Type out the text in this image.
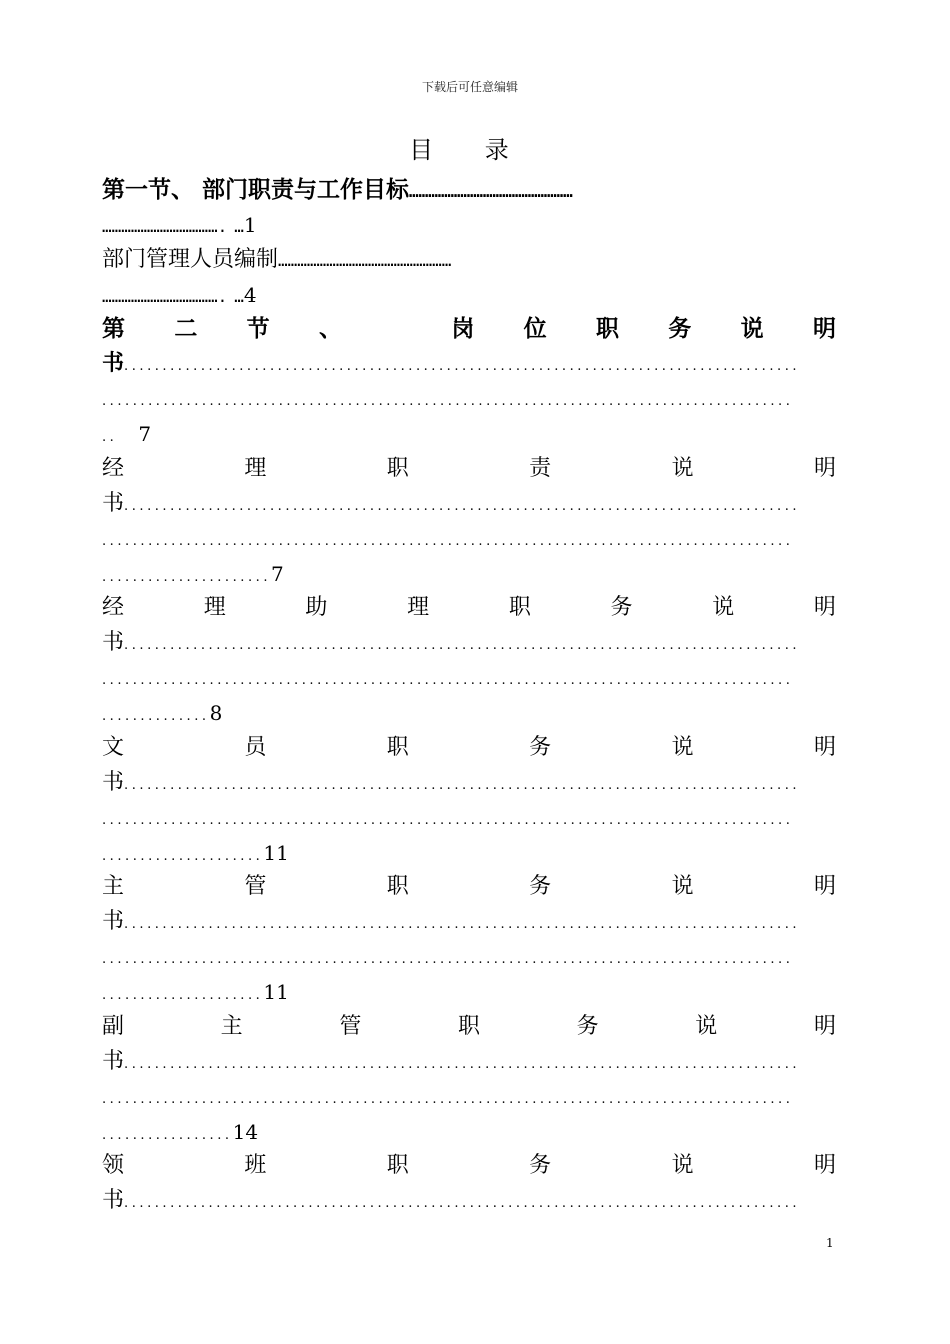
下载后可任意编辑
目 录
第一节、 部门职责与工作目标……………………………………………
………………………………. …1
部门管理人员编制………………………………………………
………………………………. …4
第 二 节 、	岗 位 职 务 说 明
书........................................................................................
..........................................................................................
.. 7
经	理	职	责	说	明
书........................................................................................
..........................................................................................
......................7
经	理	助	理	职	务	说	明
书........................................................................................
..........................................................................................
..............8
文	员	职	务	说	明
书........................................................................................
..........................................................................................
.....................11
主	管	职	务	说	明
书........................................................................................
..........................................................................................
.....................11
副	主	管	职	务	说	明
书........................................................................................
..........................................................................................
.................14
领	班	职	务	说	明
书........................................................................................
1
